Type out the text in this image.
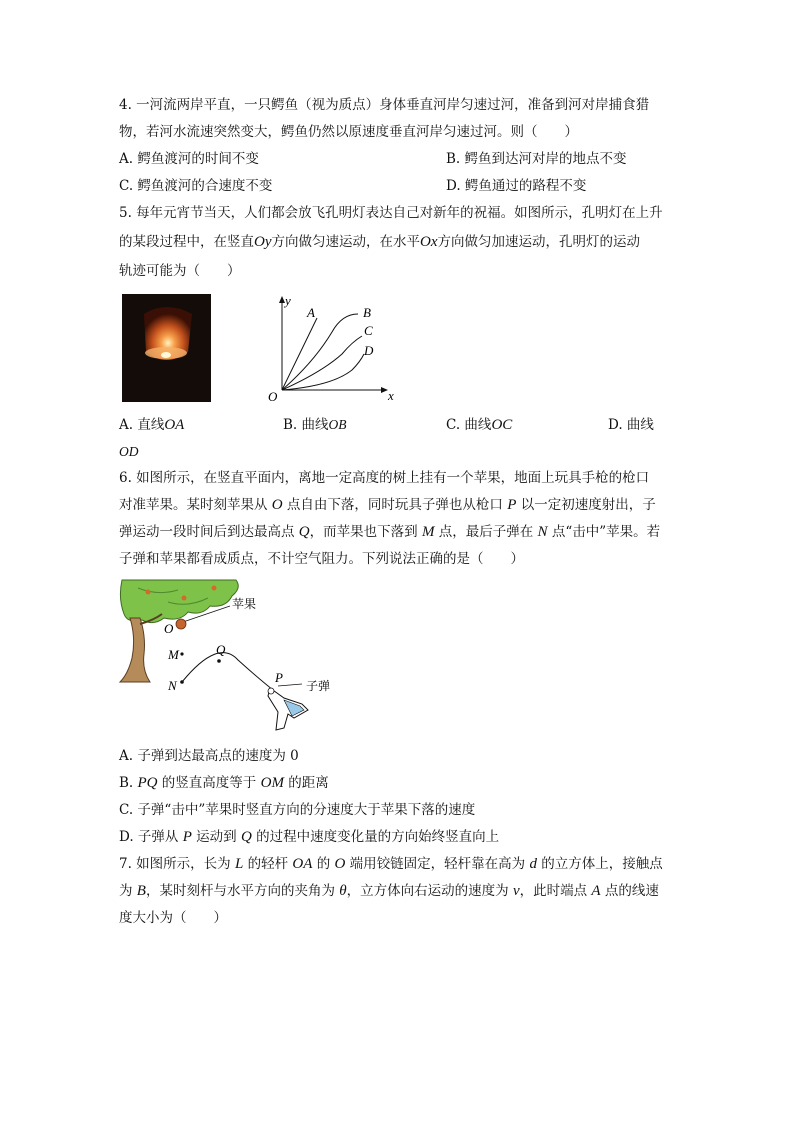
4. 一河流两岸平直，一只鳄鱼（视为质点）身体垂直河岸匀速过河，准备到河对岸捕食猎
物，若河水流速突然变大，鳄鱼仍然以原速度垂直河岸匀速过河。则（　　）
A. 鳄鱼渡河的时间不变	B. 鳄鱼到达河对岸的地点不变
C. 鳄鱼渡河的合速度不变	D. 鳄鱼通过的路程不变
5. 每年元宵节当天，人们都会放飞孔明灯表达自己对新年的祝福。如图所示，孔明灯在上升
的某段过程中，在竖直Oy方向做匀速运动，在水平Ox方向做匀加速运动，孔明灯的运动
轨迹可能为（　　）
y
x
O
A	B
C
D
A. 直线OA	B. 曲线OB	C. 曲线OC	D. 曲线
OD
6. 如图所示，在竖直平面内，离地一定高度的树上挂有一个苹果，地面上玩具手枪的枪口
对准苹果。某时刻苹果从 O 点自由下落，同时玩具子弹也从枪口 P 以一定初速度射出，子
弹运动一段时间后到达最高点 Q，而苹果也下落到 M 点，最后子弹在 N 点“击中”苹果。若
子弹和苹果都看成质点，不计空气阻力。下列说法正确的是（　　）
苹果
O
M
N
Q
P
子弹
A. 子弹到达最高点的速度为 0
B. PQ 的竖直高度等于 OM 的距离
C. 子弹“击中”苹果时竖直方向的分速度大于苹果下落的速度
D. 子弹从 P 运动到 Q 的过程中速度变化量的方向始终竖直向上
7. 如图所示，长为 L 的轻杆 OA 的 O 端用铰链固定，轻杆靠在高为 d 的立方体上，接触点
为 B，某时刻杆与水平方向的夹角为 θ，立方体向右运动的速度为 v，此时端点 A 点的线速
度大小为（　　）
